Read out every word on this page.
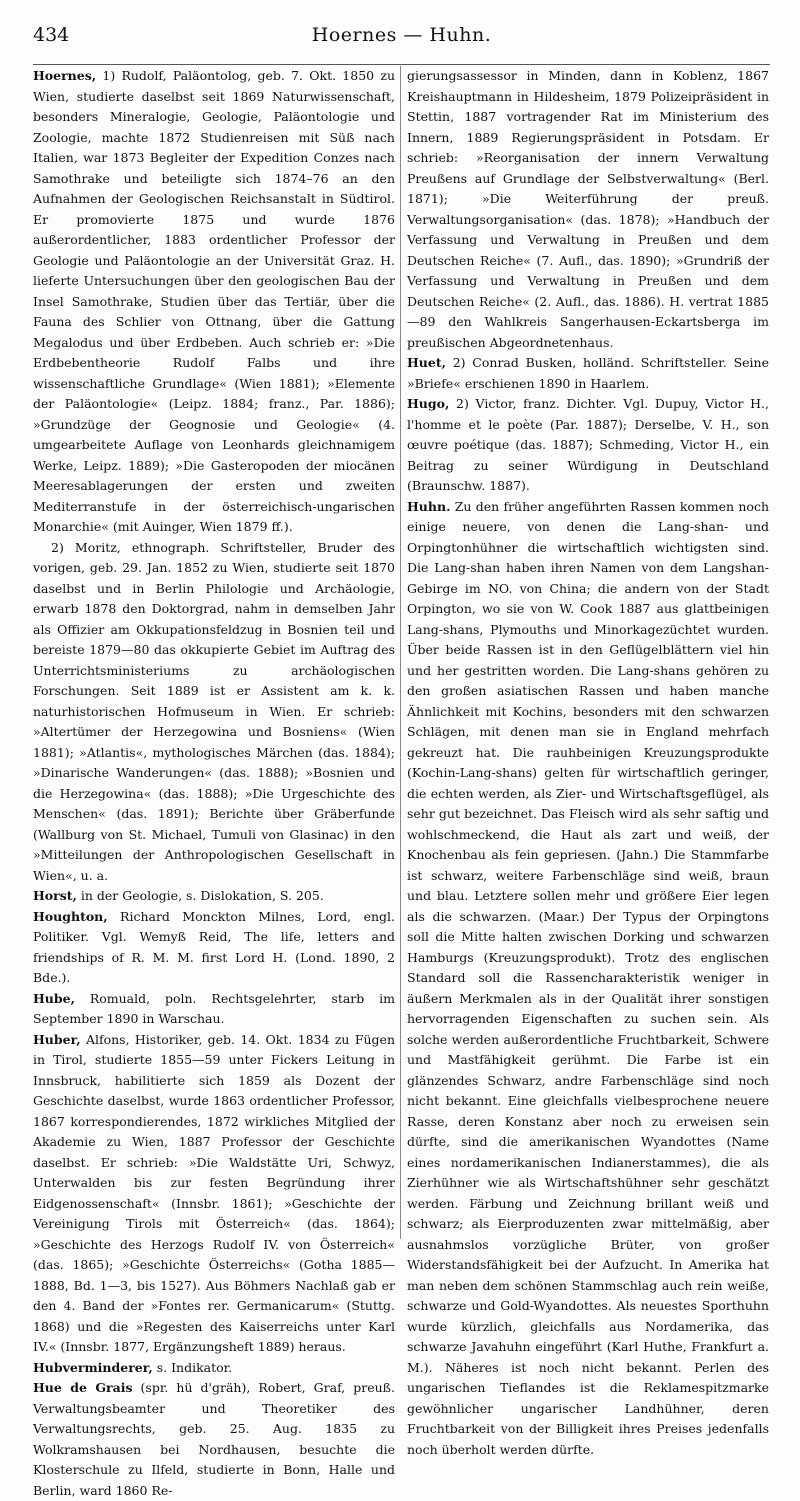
434	Hoernes — Huhn.

Hoernes, 1) Rudolf, Paläontolog, geb. 7. Okt. 1850 zu Wien, studierte daselbst seit 1869 Naturwissenschaft, besonders Mineralogie, Geologie, Paläontologie und Zoologie, machte 1872 Studienreisen mit Süß nach Italien, war 1873 Begleiter der Expedition Conzes nach Samothrake und beteiligte sich 1874–76 an den Aufnahmen der Geologischen Reichsanstalt in Südtirol. Er promovierte 1875 und wurde 1876 außerordentlicher, 1883 ordentlicher Professor der Geologie und Paläontologie an der Universität Graz. H. lieferte Untersuchungen über den geologischen Bau der Insel Samothrake, Studien über das Tertiär, über die Fauna des Schlier von Ottnang, über die Gattung Megalodus und über Erdbeben. Auch schrieb er: »Die Erdbebentheorie Rudolf Falbs und ihre wissenschaftliche Grundlage« (Wien 1881); »Elemente der Paläontologie« (Leipz. 1884; franz., Par. 1886); »Grundzüge der Geognosie und Geologie« (4. umgearbeitete Auflage von Leonhards gleichnamigem Werke, Leipz. 1889); »Die Gasteropoden der miocänen Meeresablagerungen der ersten und zweiten Mediterranstufe in der österreichisch-ungarischen Monarchie« (mit Auinger, Wien 1879 ff.).

2) Moritz, ethnograph. Schriftsteller, Bruder des vorigen, geb. 29. Jan. 1852 zu Wien, studierte seit 1870 daselbst und in Berlin Philologie und Archäologie, erwarb 1878 den Doktorgrad, nahm in demselben Jahr als Offizier am Okkupationsfeldzug in Bosnien teil und bereiste 1879—80 das okkupierte Gebiet im Auftrag des Unterrichtsministeriums zu archäologischen Forschungen. Seit 1889 ist er Assistent am k. k. naturhistorischen Hofmuseum in Wien. Er schrieb: »Altertümer der Herzegowina und Bosniens« (Wien 1881); »Atlantis«, mythologisches Märchen (das. 1884); »Dinarische Wanderungen« (das. 1888); »Bosnien und die Herzegowina« (das. 1888); »Die Urgeschichte des Menschen« (das. 1891); Berichte über Gräberfunde (Wallburg von St. Michael, Tumuli von Glasinac) in den »Mitteilungen der Anthropologischen Gesellschaft in Wien«, u. a.

Horst, in der Geologie, s. Dislokation, S. 205.

Houghton, Richard Monckton Milnes, Lord, engl. Politiker. Vgl. Wemyß Reid, The life, letters and friendships of R. M. M. first Lord H. (Lond. 1890, 2 Bde.).

Hube, Romuald, poln. Rechtsgelehrter, starb im September 1890 in Warschau.

Huber, Alfons, Historiker, geb. 14. Okt. 1834 zu Fügen in Tirol, studierte 1855—59 unter Fickers Leitung in Innsbruck, habilitierte sich 1859 als Dozent der Geschichte daselbst, wurde 1863 ordentlicher Professor, 1867 korrespondierendes, 1872 wirkliches Mitglied der Akademie zu Wien, 1887 Professor der Geschichte daselbst. Er schrieb: »Die Waldstätte Uri, Schwyz, Unterwalden bis zur festen Begründung ihrer Eidgenossenschaft« (Innsbr. 1861); »Geschichte der Vereinigung Tirols mit Österreich« (das. 1864); »Geschichte des Herzogs Rudolf IV. von Österreich« (das. 1865); »Geschichte Österreichs« (Gotha 1885—1888, Bd. 1—3, bis 1527). Aus Böhmers Nachlaß gab er den 4. Band der »Fontes rer. Germanicarum« (Stuttg. 1868) und die »Regesten des Kaiserreichs unter Karl IV.« (Innsbr. 1877, Ergänzungsheft 1889) heraus.

Hubverminderer, s. Indikator.

Hue de Grais (spr. hü d'gräh), Robert, Graf, preuß. Verwaltungsbeamter und Theoretiker des Verwaltungsrechts, geb. 25. Aug. 1835 zu Wolkramshausen bei Nordhausen, besuchte die Klosterschule zu Ilfeld, studierte in Bonn, Halle und Berlin, ward 1860 Re-

gierungsassessor in Minden, dann in Koblenz, 1867 Kreishauptmann in Hildesheim, 1879 Polizeipräsident in Stettin, 1887 vortragender Rat im Ministerium des Innern, 1889 Regierungspräsident in Potsdam. Er schrieb: »Reorganisation der innern Verwaltung Preußens auf Grundlage der Selbstverwaltung« (Berl. 1871); »Die Weiterführung der preuß. Verwaltungsorganisation« (das. 1878); »Handbuch der Verfassung und Verwaltung in Preußen und dem Deutschen Reiche« (7. Aufl., das. 1890); »Grundriß der Verfassung und Verwaltung in Preußen und dem Deutschen Reiche« (2. Aufl., das. 1886). H. vertrat 1885—89 den Wahlkreis Sangerhausen-Eckartsberga im preußischen Abgeordnetenhaus.

Huet, 2) Conrad Busken, holländ. Schriftsteller. Seine »Briefe« erschienen 1890 in Haarlem.

Hugo, 2) Victor, franz. Dichter. Vgl. Dupuy, Victor H., l'homme et le poète (Par. 1887); Derselbe, V. H., son œuvre poétique (das. 1887); Schmeding, Victor H., ein Beitrag zu seiner Würdigung in Deutschland (Braunschw. 1887).

Huhn. Zu den früher angeführten Rassen kommen noch einige neuere, von denen die Lang-shan- und Orpingtonhühner die wirtschaftlich wichtigsten sind. Die Lang-shan haben ihren Namen von dem Langshan-Gebirge im NO. von China; die andern von der Stadt Orpington, wo sie von W. Cook 1887 aus glattbeinigen Lang-shans, Plymouths und Minorkagezüchtet wurden. Über beide Rassen ist in den Geflügelblättern viel hin und her gestritten worden. Die Lang-shans gehören zu den großen asiatischen Rassen und haben manche Ähnlichkeit mit Kochins, besonders mit den schwarzen Schlägen, mit denen man sie in England mehrfach gekreuzt hat. Die rauhbeinigen Kreuzungsprodukte (Kochin-Lang-shans) gelten für wirtschaftlich geringer, die echten werden, als Zier- und Wirtschaftsgeflügel, als sehr gut bezeichnet. Das Fleisch wird als sehr saftig und wohlschmeckend, die Haut als zart und weiß, der Knochenbau als fein gepriesen. (Jahn.) Die Stammfarbe ist schwarz, weitere Farbenschläge sind weiß, braun und blau. Letztere sollen mehr und größere Eier legen als die schwarzen. (Maar.) Der Typus der Orpingtons soll die Mitte halten zwischen Dorking und schwarzen Hamburgs (Kreuzungsprodukt). Trotz des englischen Standard soll die Rassencharakteristik weniger in äußern Merkmalen als in der Qualität ihrer sonstigen hervorragenden Eigenschaften zu suchen sein. Als solche werden außerordentliche Fruchtbarkeit, Schwere und Mastfähigkeit gerühmt. Die Farbe ist ein glänzendes Schwarz, andre Farbenschläge sind noch nicht bekannt. Eine gleichfalls vielbesprochene neuere Rasse, deren Konstanz aber noch zu erweisen sein dürfte, sind die amerikanischen Wyandottes (Name eines nordamerikanischen Indianerstammes), die als Zierhühner wie als Wirtschaftshühner sehr geschätzt werden. Färbung und Zeichnung brillant weiß und schwarz; als Eierproduzenten zwar mittelmäßig, aber ausnahmslos vorzügliche Brüter, von großer Widerstandsfähigkeit bei der Aufzucht. In Amerika hat man neben dem schönen Stammschlag auch rein weiße, schwarze und Gold-Wyandottes. Als neuestes Sporthuhn wurde kürzlich, gleichfalls aus Nordamerika, das schwarze Javahuhn eingeführt (Karl Huthe, Frankfurt a. M.). Näheres ist noch nicht bekannt. Perlen des ungarischen Tieflandes ist die Reklamespitzmarke gewöhnlicher ungarischer Landhühner, deren Fruchtbarkeit von der Billigkeit ihres Preises jedenfalls noch überholt werden dürfte.
